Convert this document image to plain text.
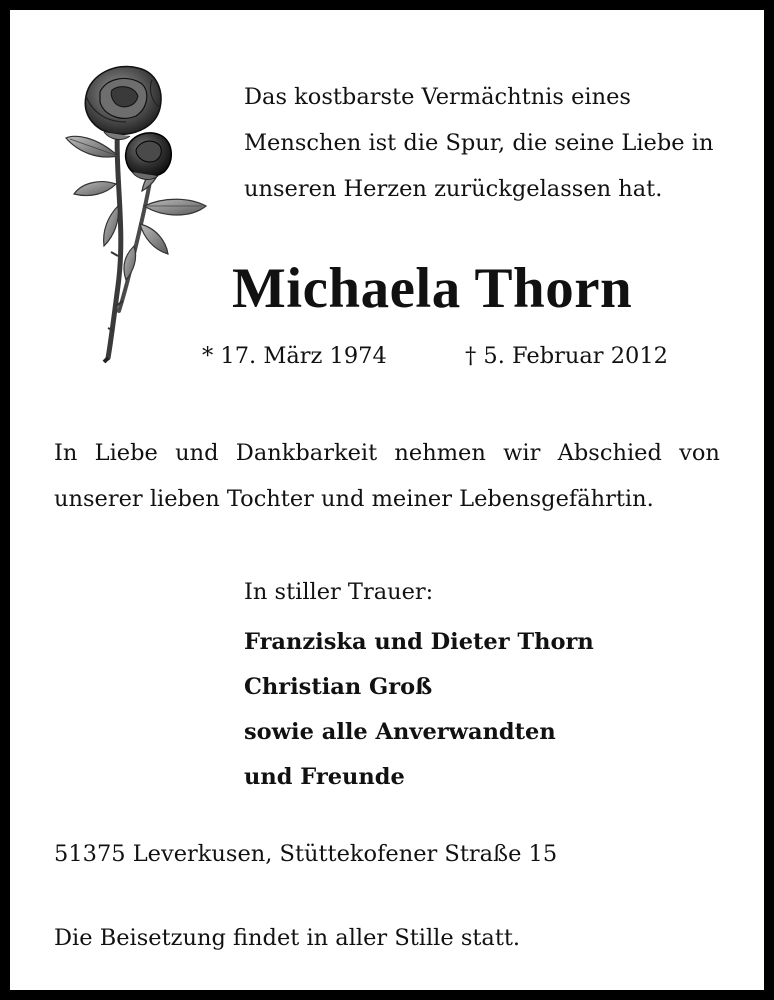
Das kostbarste Vermächtnis eines
Menschen ist die Spur, die seine Liebe in
unseren Herzen zurückgelassen hat.
Michaela Thorn
* 17. März 1974	† 5. Februar 2012
In Liebe und Dankbarkeit nehmen wir Abschied von
unserer lieben Tochter und meiner Lebensgefährtin.
In stiller Trauer:
Franziska und Dieter Thorn
Christian Groß
sowie alle Anverwandten
und Freunde
51375 Leverkusen, Stüttekofener Straße 15
Die Beisetzung findet in aller Stille statt.
